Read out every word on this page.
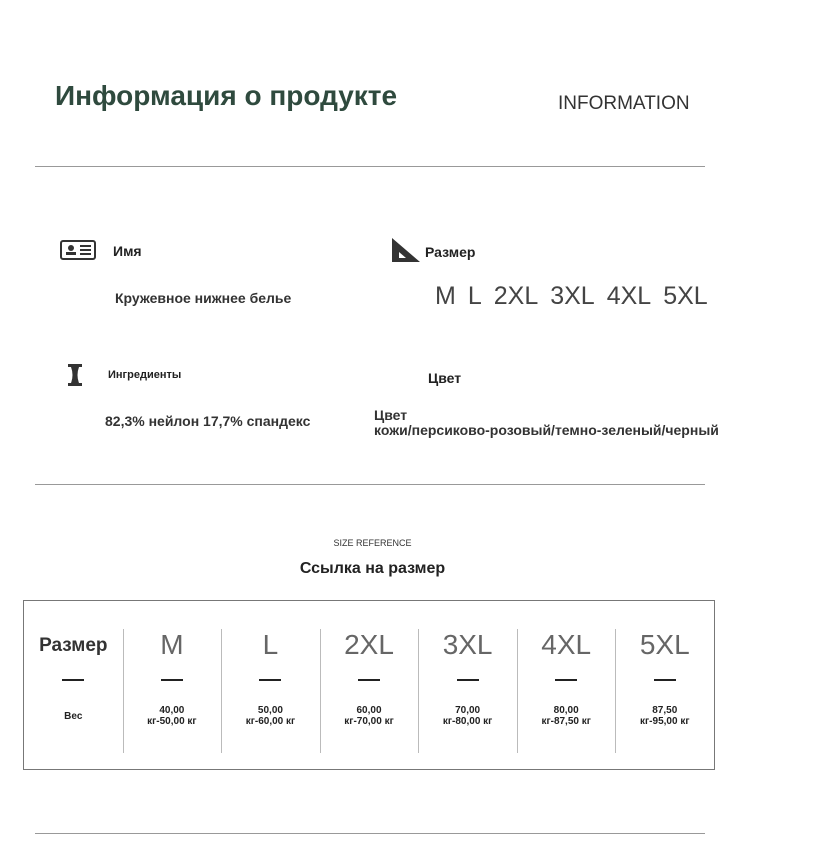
Информация о продукте	INFORMATION
Имя
Кружевное нижнее белье
Размер
M L 2XL 3XL 4XL 5XL
Ингредиенты
82,3% нейлон 17,7% спандекс
Цвет
Цвет
кожи/персиково-розовый/темно-зеленый/черный
SIZE REFERENCE
Ссылка на размер
Размер
Вес
M
40,00
кг-50,00 кг
L
50,00
кг-60,00 кг
2XL
60,00
кг-70,00 кг
3XL
70,00
кг-80,00 кг
4XL
80,00
кг-87,50 кг
5XL
87,50
кг-95,00 кг
